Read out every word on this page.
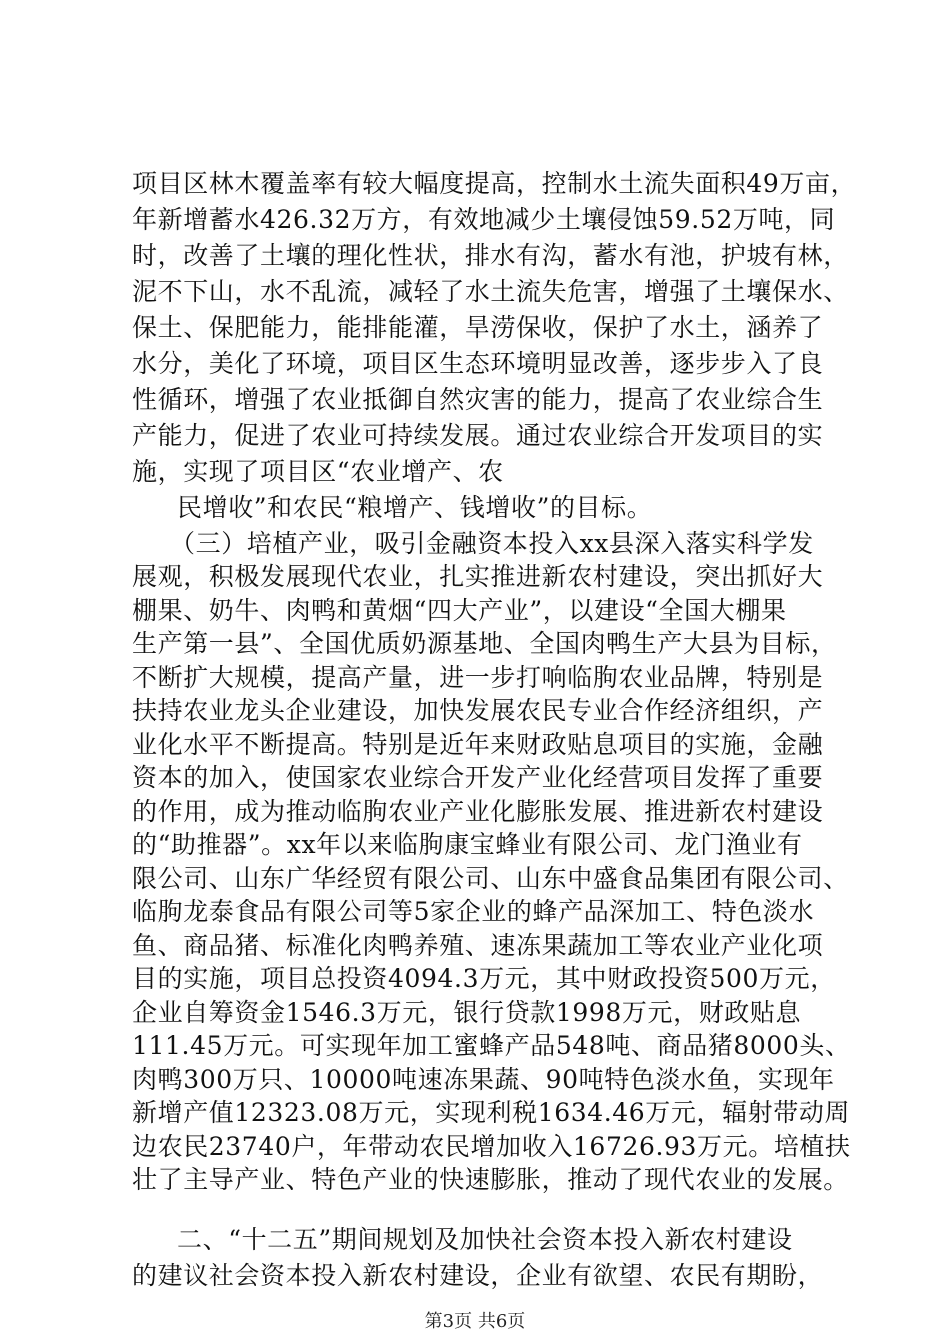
项目区林木覆盖率有较大幅度提高，控制水土流失面积49万亩，
年新增蓄水426.32万方，有效地减少土壤侵蚀59.52万吨，同
时，改善了土壤的理化性状，排水有沟，蓄水有池，护坡有林，
泥不下山，水不乱流，减轻了水土流失危害，增强了土壤保水、
保土、保肥能力，能排能灌，旱涝保收，保护了水土，涵养了
水分，美化了环境，项目区生态环境明显改善，逐步步入了良
性循环，增强了农业抵御自然灾害的能力，提高了农业综合生
产能力，促进了农业可持续发展。通过农业综合开发项目的实
施，实现了项目区“农业增产、农
民增收”和农民“粮增产、钱增收”的目标。
（三）培植产业，吸引金融资本投入xx县深入落实科学发
展观，积极发展现代农业，扎实推进新农村建设，突出抓好大
棚果、奶牛、肉鸭和黄烟“四大产业”，以建设“全国大棚果
生产第一县”、全国优质奶源基地、全国肉鸭生产大县为目标，
不断扩大规模，提高产量，进一步打响临朐农业品牌，特别是
扶持农业龙头企业建设，加快发展农民专业合作经济组织，产
业化水平不断提高。特别是近年来财政贴息项目的实施，金融
资本的加入，使国家农业综合开发产业化经营项目发挥了重要
的作用，成为推动临朐农业产业化膨胀发展、推进新农村建设
的“助推器”。xx年以来临朐康宝蜂业有限公司、龙门渔业有
限公司、山东广华经贸有限公司、山东中盛食品集团有限公司、
临朐龙泰食品有限公司等5家企业的蜂产品深加工、特色淡水
鱼、商品猪、标准化肉鸭养殖、速冻果蔬加工等农业产业化项
目的实施，项目总投资4094.3万元，其中财政投资500万元，
企业自筹资金1546.3万元，银行贷款1998万元，财政贴息
111.45万元。可实现年加工蜜蜂产品548吨、商品猪8000头、
肉鸭300万只、10000吨速冻果蔬、90吨特色淡水鱼，实现年
新增产值12323.08万元，实现利税1634.46万元，辐射带动周
边农民23740户，年带动农民增加收入16726.93万元。培植扶
壮了主导产业、特色产业的快速膨胀，推动了现代农业的发展。
二、“十二五”期间规划及加快社会资本投入新农村建设
的建议社会资本投入新农村建设，企业有欲望、农民有期盼，
第3页 共6页
